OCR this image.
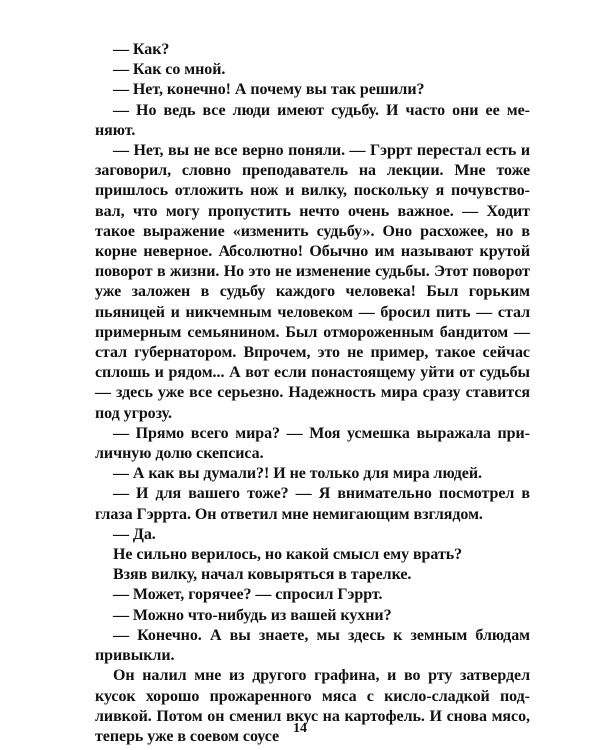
— Как?

— Как со мной.

— Нет, конечно! А почему вы так решили?

— Но ведь все люди имеют судьбу. И часто они ее меняют.

— Нет, вы не все верно поняли. — Гэррт перестал есть и заговорил, словно преподаватель на лекции. Мне тоже пришлось отложить нож и вилку, поскольку я почувствовал, что могу пропустить нечто очень важное. — Ходит такое выражение «изменить судьбу». Оно расхожее, но в корне неверное. Абсолютно! Обычно им называют крутой поворот в жизни. Но это не изменение судьбы. Этот поворот уже заложен в судьбу каждого человека! Был горьким пьяницей и никчемным человеком — бросил пить — стал примерным семьянином. Был отмороженным бандитом — стал губернатором. Впрочем, это не пример, такое сейчас сплошь и рядом... А вот если понастоящему уйти от судьбы — здесь уже все серьезно. Надежность мира сразу ставится под угрозу.

— Прямо всего мира? — Моя усмешка выражала приличную долю скепсиса.

— А как вы думали?! И не только для мира людей.

— И для вашего тоже? — Я внимательно посмотрел в глаза Гэррта. Он ответил мне немигающим взглядом.

— Да.

Не сильно верилось, но какой смысл ему врать?

Взяв вилку, начал ковыряться в тарелке.

— Может, горячее? — спросил Гэррт.

— Можно что-нибудь из вашей кухни?

— Конечно. А вы знаете, мы здесь к земным блюдам привыкли.

Он налил мне из другого графина, и во рту затвердел кусок хорошо прожаренного мяса с кисло-сладкой подливкой. Потом он сменил вкус на картофель. И снова мясо, теперь уже в соевом соусе 14
